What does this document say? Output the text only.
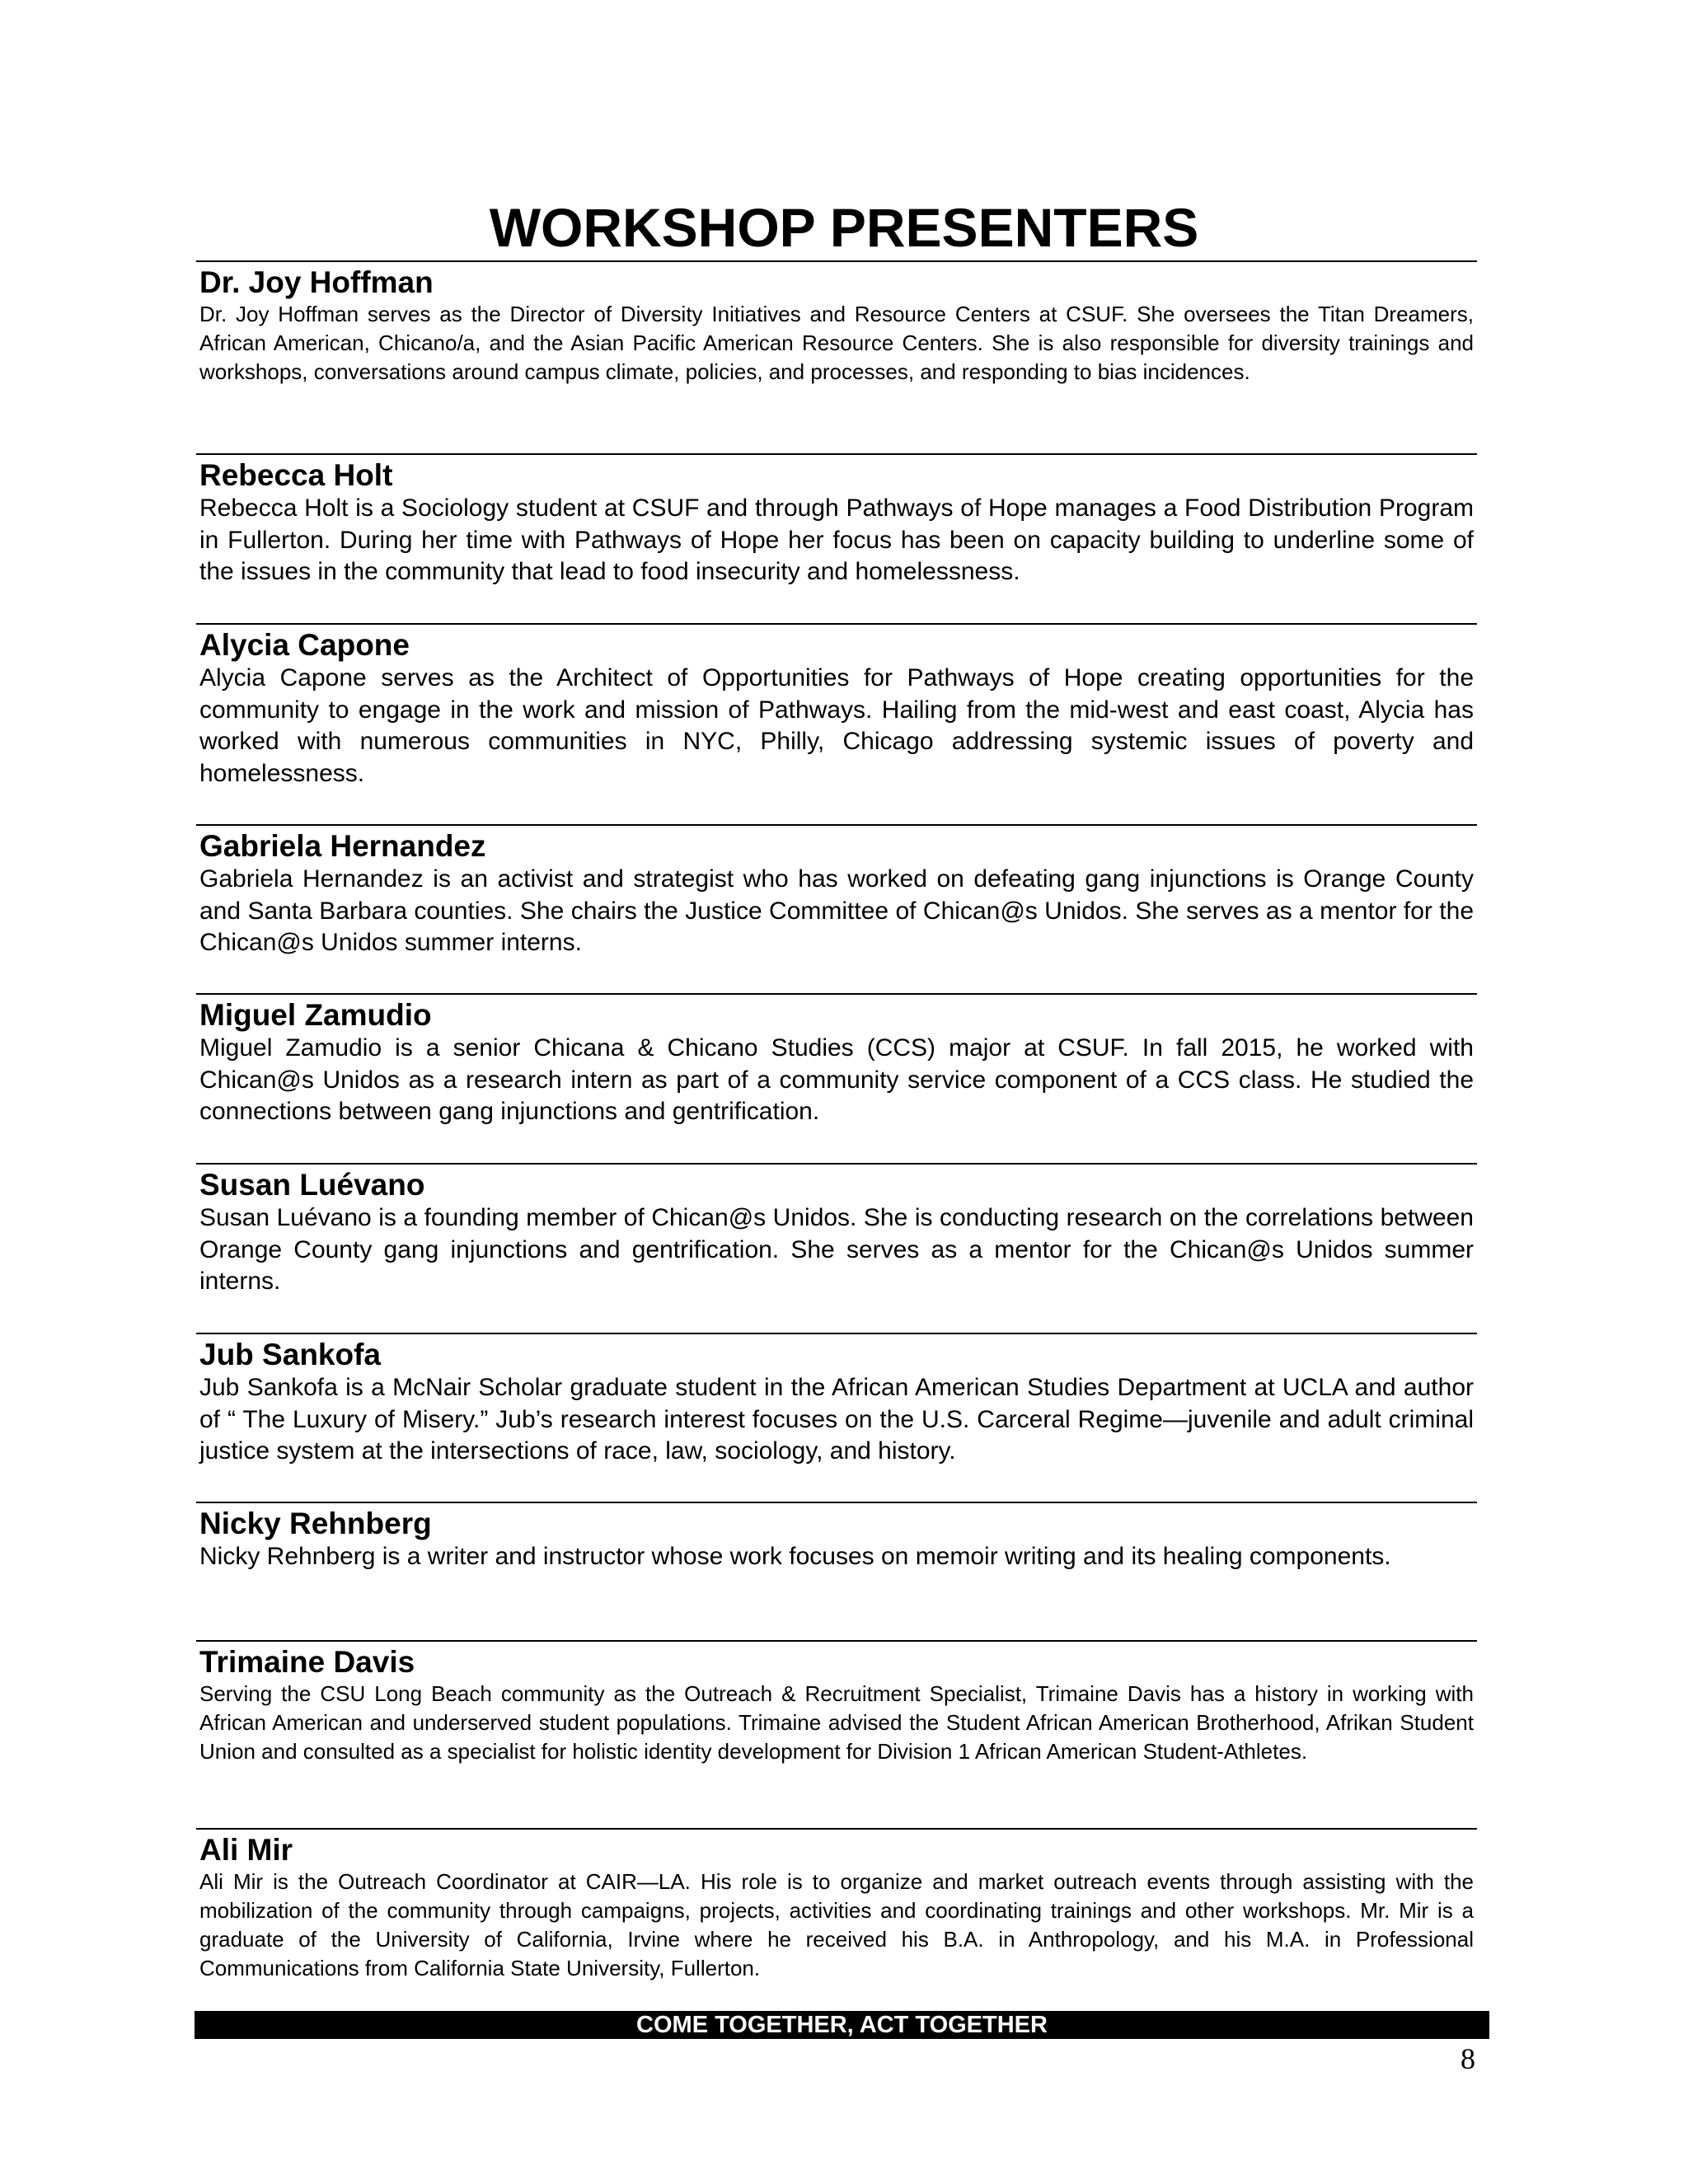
WORKSHOP PRESENTERS
Dr. Joy Hoffman
Dr. Joy Hoffman serves as the Director of Diversity Initiatives and Resource Centers at CSUF. She oversees the Titan Dreamers, African American, Chicano/a, and the Asian Pacific American Resource Centers. She is also responsible for diversity trainings and workshops, conversations around campus climate, policies, and processes, and responding to bias incidences.
Rebecca Holt
Rebecca Holt is a Sociology student at CSUF and through Pathways of Hope manages a Food Distribution Program in Fullerton. During her time with Pathways of Hope her focus has been on capacity building to underline some of the issues in the community that lead to food insecurity and homelessness.
Alycia Capone
Alycia Capone serves as the Architect of Opportunities for Pathways of Hope creating opportunities for the community to engage in the work and mission of Pathways. Hailing from the mid-west and east coast, Alycia has worked with numerous communities in NYC, Philly, Chicago addressing systemic issues of poverty and homelessness.
Gabriela Hernandez
Gabriela Hernandez is an activist and strategist who has worked on defeating gang injunctions is Orange County and Santa Barbara counties. She chairs the Justice Committee of Chican@s Unidos. She serves as a mentor for the Chican@s Unidos summer interns.
Miguel Zamudio
Miguel Zamudio is a senior Chicana & Chicano Studies (CCS) major at CSUF. In fall 2015, he worked with Chican@s Unidos as a research intern as part of a community service component of a CCS class. He studied the connections between gang injunctions and gentrification.
Susan Luévano
Susan Luévano is a founding member of Chican@s Unidos. She is conducting research on the correlations between Orange County gang injunctions and gentrification. She serves as a mentor for the Chican@s Unidos summer interns.
Jub Sankofa
Jub Sankofa is a McNair Scholar graduate student in the African American Studies Department at UCLA and author of “ The Luxury of Misery.” Jub’s research interest focuses on the U.S. Carceral Regime—juvenile and adult criminal justice system at the intersections of race, law, sociology, and history.
Nicky Rehnberg
Nicky Rehnberg is a writer and instructor whose work focuses on memoir writing and its healing components.
Trimaine Davis
Serving the CSU Long Beach community as the Outreach & Recruitment Specialist, Trimaine Davis has a history in working with African American and underserved student populations. Trimaine advised the Student African American Brotherhood, Afrikan Student Union and consulted as a specialist for holistic identity development for Division 1 African American Student-Athletes.
Ali Mir
Ali Mir is the Outreach Coordinator at CAIR—LA. His role is to organize and market outreach events through assisting with the mobilization of the community through campaigns, projects, activities and coordinating trainings and other workshops. Mr. Mir is a graduate of the University of California, Irvine where he received his B.A. in Anthropology, and his M.A. in Professional Communications from California State University, Fullerton.
COME TOGETHER, ACT TOGETHER
8
